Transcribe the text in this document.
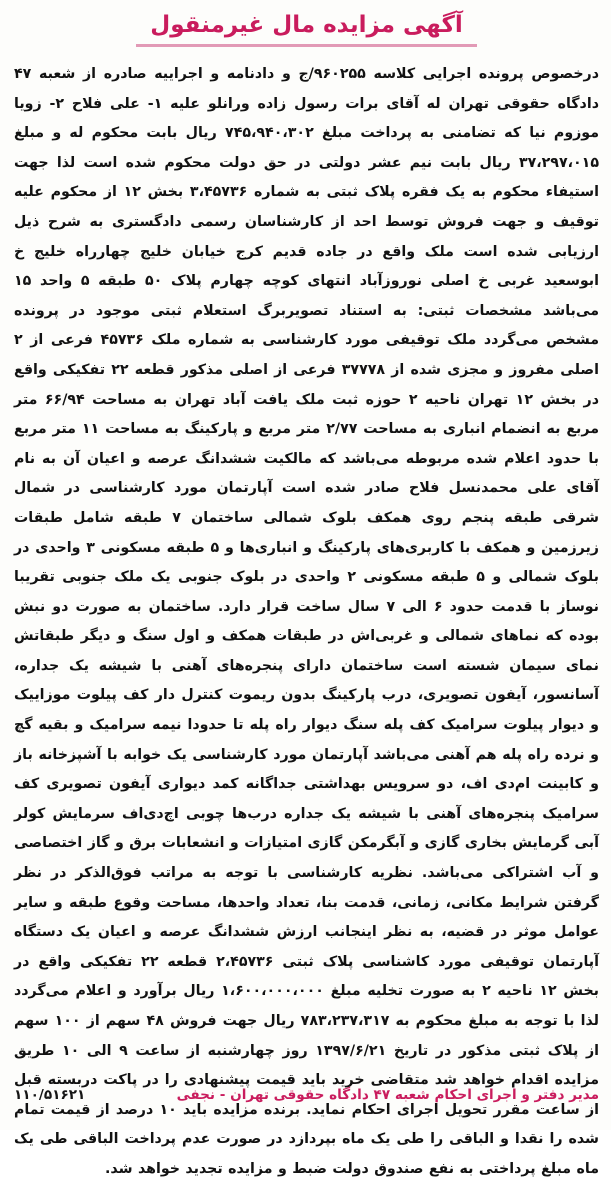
آگهی مزایده مال غیرمنقول

درخصوص پرونده اجرایی کلاسه ۹۶۰۲۵۵/ج و دادنامه و اجراییه صادره از شعبه ۴۷ دادگاه حقوقی تهران له آقای برات رسول زاده ورانلو علیه ۱- علی فلاح ۲- زویا موزوم نیا که تضامنی به پرداخت مبلغ ۷۴۵،۹۴۰،۳۰۲ ریال بابت محکوم له و مبلغ ۳۷،۲۹۷،۰۱۵ ریال بابت نیم عشر دولتی در حق دولت محکوم شده است لذا جهت استیفاء محکوم به یک فقره پلاک ثبتی به شماره ۳،۴۵۷۳۶ بخش ۱۲ از محکوم علیه توقیف و جهت فروش توسط احد از کارشناسان رسمی دادگستری به شرح ذیل ارزیابی شده است ملک واقع در جاده قدیم کرج خیابان خلیج چهارراه خلیج خ ابوسعید غربی خ اصلی نوروزآباد انتهای کوچه چهارم پلاک ۵۰ طبقه ۵ واحد ۱۵ می‌باشد مشخصات ثبتی: به استناد تصویربرگ استعلام ثبتی موجود در پرونده مشخص می‌گردد ملک توقیفی مورد کارشناسی به شماره ملک ۴۵۷۳۶ فرعی از ۲ اصلی مفروز و مجزی شده از ۳۷۷۷۸ فرعی از اصلی مذکور قطعه ۲۲ تفکیکی واقع در بخش ۱۲ تهران ناحیه ۲ حوزه ثبت ملک یافت آباد تهران به مساحت ۶۶/۹۴ متر مربع به انضمام انباری به مساحت ۲/۷۷ متر مربع و پارکینگ به مساحت ۱۱ متر مربع با حدود اعلام شده مربوطه می‌باشد که مالکیت ششدانگ عرصه و اعیان آن به نام آقای علی محمدنسل فلاح صادر شده است آپارتمان مورد کارشناسی در شمال شرقی طبقه پنجم روی همکف بلوک شمالی ساختمان ۷ طبقه شامل طبقات زیرزمین و همکف با کاربری‌های پارکینگ و انباری‌ها و ۵ طبقه مسکونی ۳ واحدی در بلوک شمالی و ۵ طبقه مسکونی ۲ واحدی در بلوک جنوبی یک ملک جنوبی تقریبا نوساز با قدمت حدود ۶ الی ۷ سال ساخت قرار دارد. ساختمان به صورت دو نبش بوده که نماهای شمالی و غربی‌اش در طبقات همکف و اول سنگ و دیگر طبقاتش نمای سیمان شسته است ساختمان دارای پنجره‌های آهنی با شیشه یک جداره، آسانسور، آیفون تصویری، درب پارکینگ بدون ریموت کنترل دار کف پیلوت موزاییک و دیوار پیلوت سرامیک کف پله سنگ دیوار راه پله تا حدودا نیمه سرامیک و بقیه گچ و نرده راه پله هم آهنی می‌باشد آپارتمان مورد کارشناسی یک خوابه با آشپزخانه باز و کابینت ام‌دی اف، دو سرویس بهداشتی جداگانه کمد دیواری آیفون تصویری کف سرامیک پنجره‌های آهنی با شیشه یک جداره درب‌ها چوبی اچ‌دی‌اف سرمایش کولر آبی گرمایش بخاری گازی و آبگرمکن گازی امتیازات و انشعابات برق و گاز اختصاصی و آب اشتراکی می‌باشد. نظریه کارشناسی با توجه به مراتب فوق‌الذکر در نظر گرفتن شرایط مکانی، زمانی، قدمت بنا، تعداد واحدها، مساحت وقوع طبقه و سایر عوامل موثر در قضیه، به نظر اینجانب ارزش ششدانگ عرصه و اعیان یک دستگاه آپارتمان توقیفی مورد کاشناسی پلاک ثبتی ۲،۴۵۷۳۶ قطعه ۲۲ تفکیکی واقع در بخش ۱۲ ناحیه ۲ به صورت تخلیه مبلغ ۱،۶۰۰،۰۰۰،۰۰۰ ریال برآورد و اعلام می‌گردد لذا با توجه به مبلغ محکوم به ۷۸۳،۲۳۷،۳۱۷ ریال جهت فروش ۴۸ سهم از ۱۰۰ سهم از پلاک ثبتی مذکور در تاریخ ۱۳۹۷/۶/۲۱ روز چهارشنبه از ساعت ۹ الی ۱۰ طریق مزایده اقدام خواهد شد متقاضی خرید باید قیمت پیشنهادی را در پاکت دربسته قبل از ساعت مقرر تحویل اجرای احکام نماید. برنده مزایده باید ۱۰ درصد از قیمت تمام شده را نقدا و الباقی را طی یک ماه بپردازد در صورت عدم پرداخت الباقی طی یک ماه مبلغ پرداختی به نفع صندوق دولت ضبط و مزایده تجدید خواهد شد.

مدیر دفتر و اجرای احکام شعبه ۴۷ دادگاه حقوقی تهران - نجفی
۱۱۰/۵۱۶۲۱
